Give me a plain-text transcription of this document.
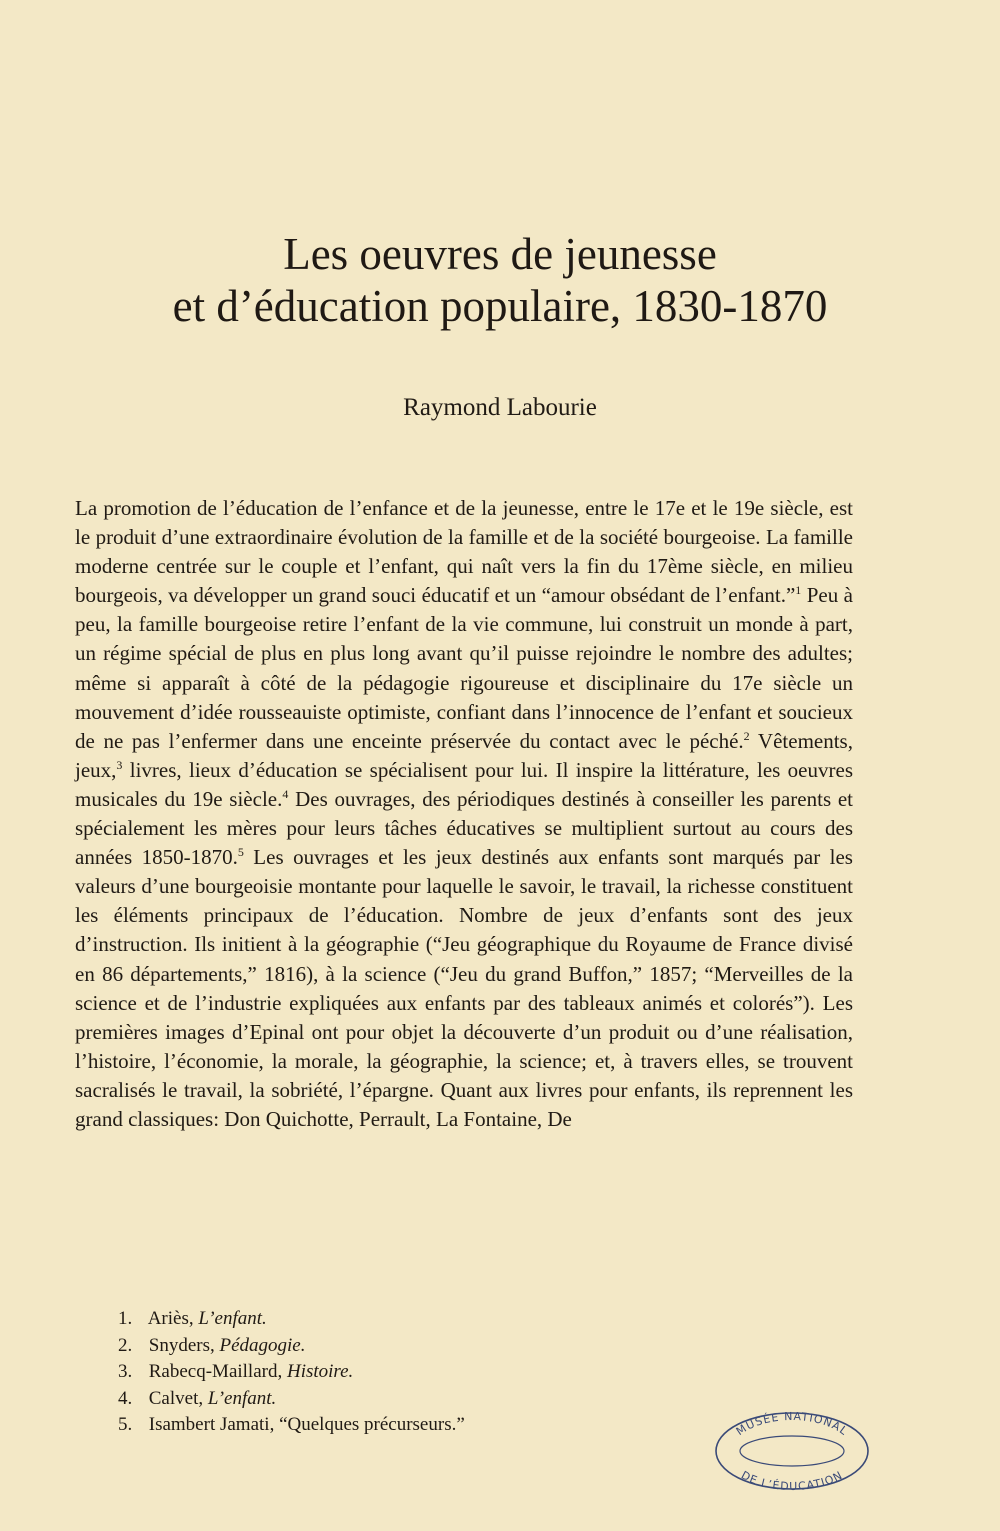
Les oeuvres de jeunesse
et d’éducation populaire, 1830-1870

Raymond Labourie

La promotion de l’éducation de l’enfance et de la jeunesse, entre le 17e et le 19e siècle, est le produit d’une extraordinaire évolution de la famille et de la société bourgeoise. La famille moderne centrée sur le couple et l’enfant, qui naît vers la fin du 17ème siècle, en milieu bourgeois, va développer un grand souci éducatif et un “amour obsédant de l’enfant.”$^1$ Peu à peu, la famille bourgeoise retire l’enfant de la vie commune, lui construit un monde à part, un régime spécial de plus en plus long avant qu’il puisse rejoindre le nombre des adultes; même si apparaît à côté de la pédagogie rigoureuse et disciplinaire du 17e siècle un mouvement d’idée rousseauiste optimiste, confiant dans l’innocence de l’enfant et soucieux de ne pas l’enfermer dans une enceinte préservée du contact avec le péché.$^2$ Vêtements, jeux,$^3$ livres, lieux d’éducation se spécialisent pour lui. Il inspire la littérature, les oeuvres musicales du 19e siècle.$^4$ Des ouvrages, des périodiques destinés à conseiller les parents et spécialement les mères pour leurs tâches éducatives se multiplient surtout au cours des années 1850-1870.$^5$ Les ouvrages et les jeux destinés aux enfants sont marqués par les valeurs d’une bourgeoisie montante pour laquelle le savoir, le travail, la richesse constituent les éléments principaux de l’éducation. Nombre de jeux d’enfants sont des jeux d’instruction. Ils initient à la géographie (“Jeu géographique du Royaume de France divisé en 86 départements,” 1816), à la science (“Jeu du grand Buffon,” 1857; “Merveilles de la science et de l’industrie expliquées aux enfants par des tableaux animés et colorés”). Les premières images d’Epinal ont pour objet la découverte d’un produit ou d’une réalisation, l’histoire, l’économie, la morale, la géographie, la science; et, à travers elles, se trouvent sacralisés le travail, la sobriété, l’épargne. Quant aux livres pour enfants, ils reprennent les grand classiques: Don Quichotte, Perrault, La Fontaine, De

1. Ariès, L’enfant.
2. Snyders, Pédagogie.
3. Rabecq-Maillard, Histoire.
4. Calvet, L’enfant.
5. Isambert Jamati, “Quelques précurseurs.”	MUSÉE NATIONAL
DE L’ÉDUCATION
